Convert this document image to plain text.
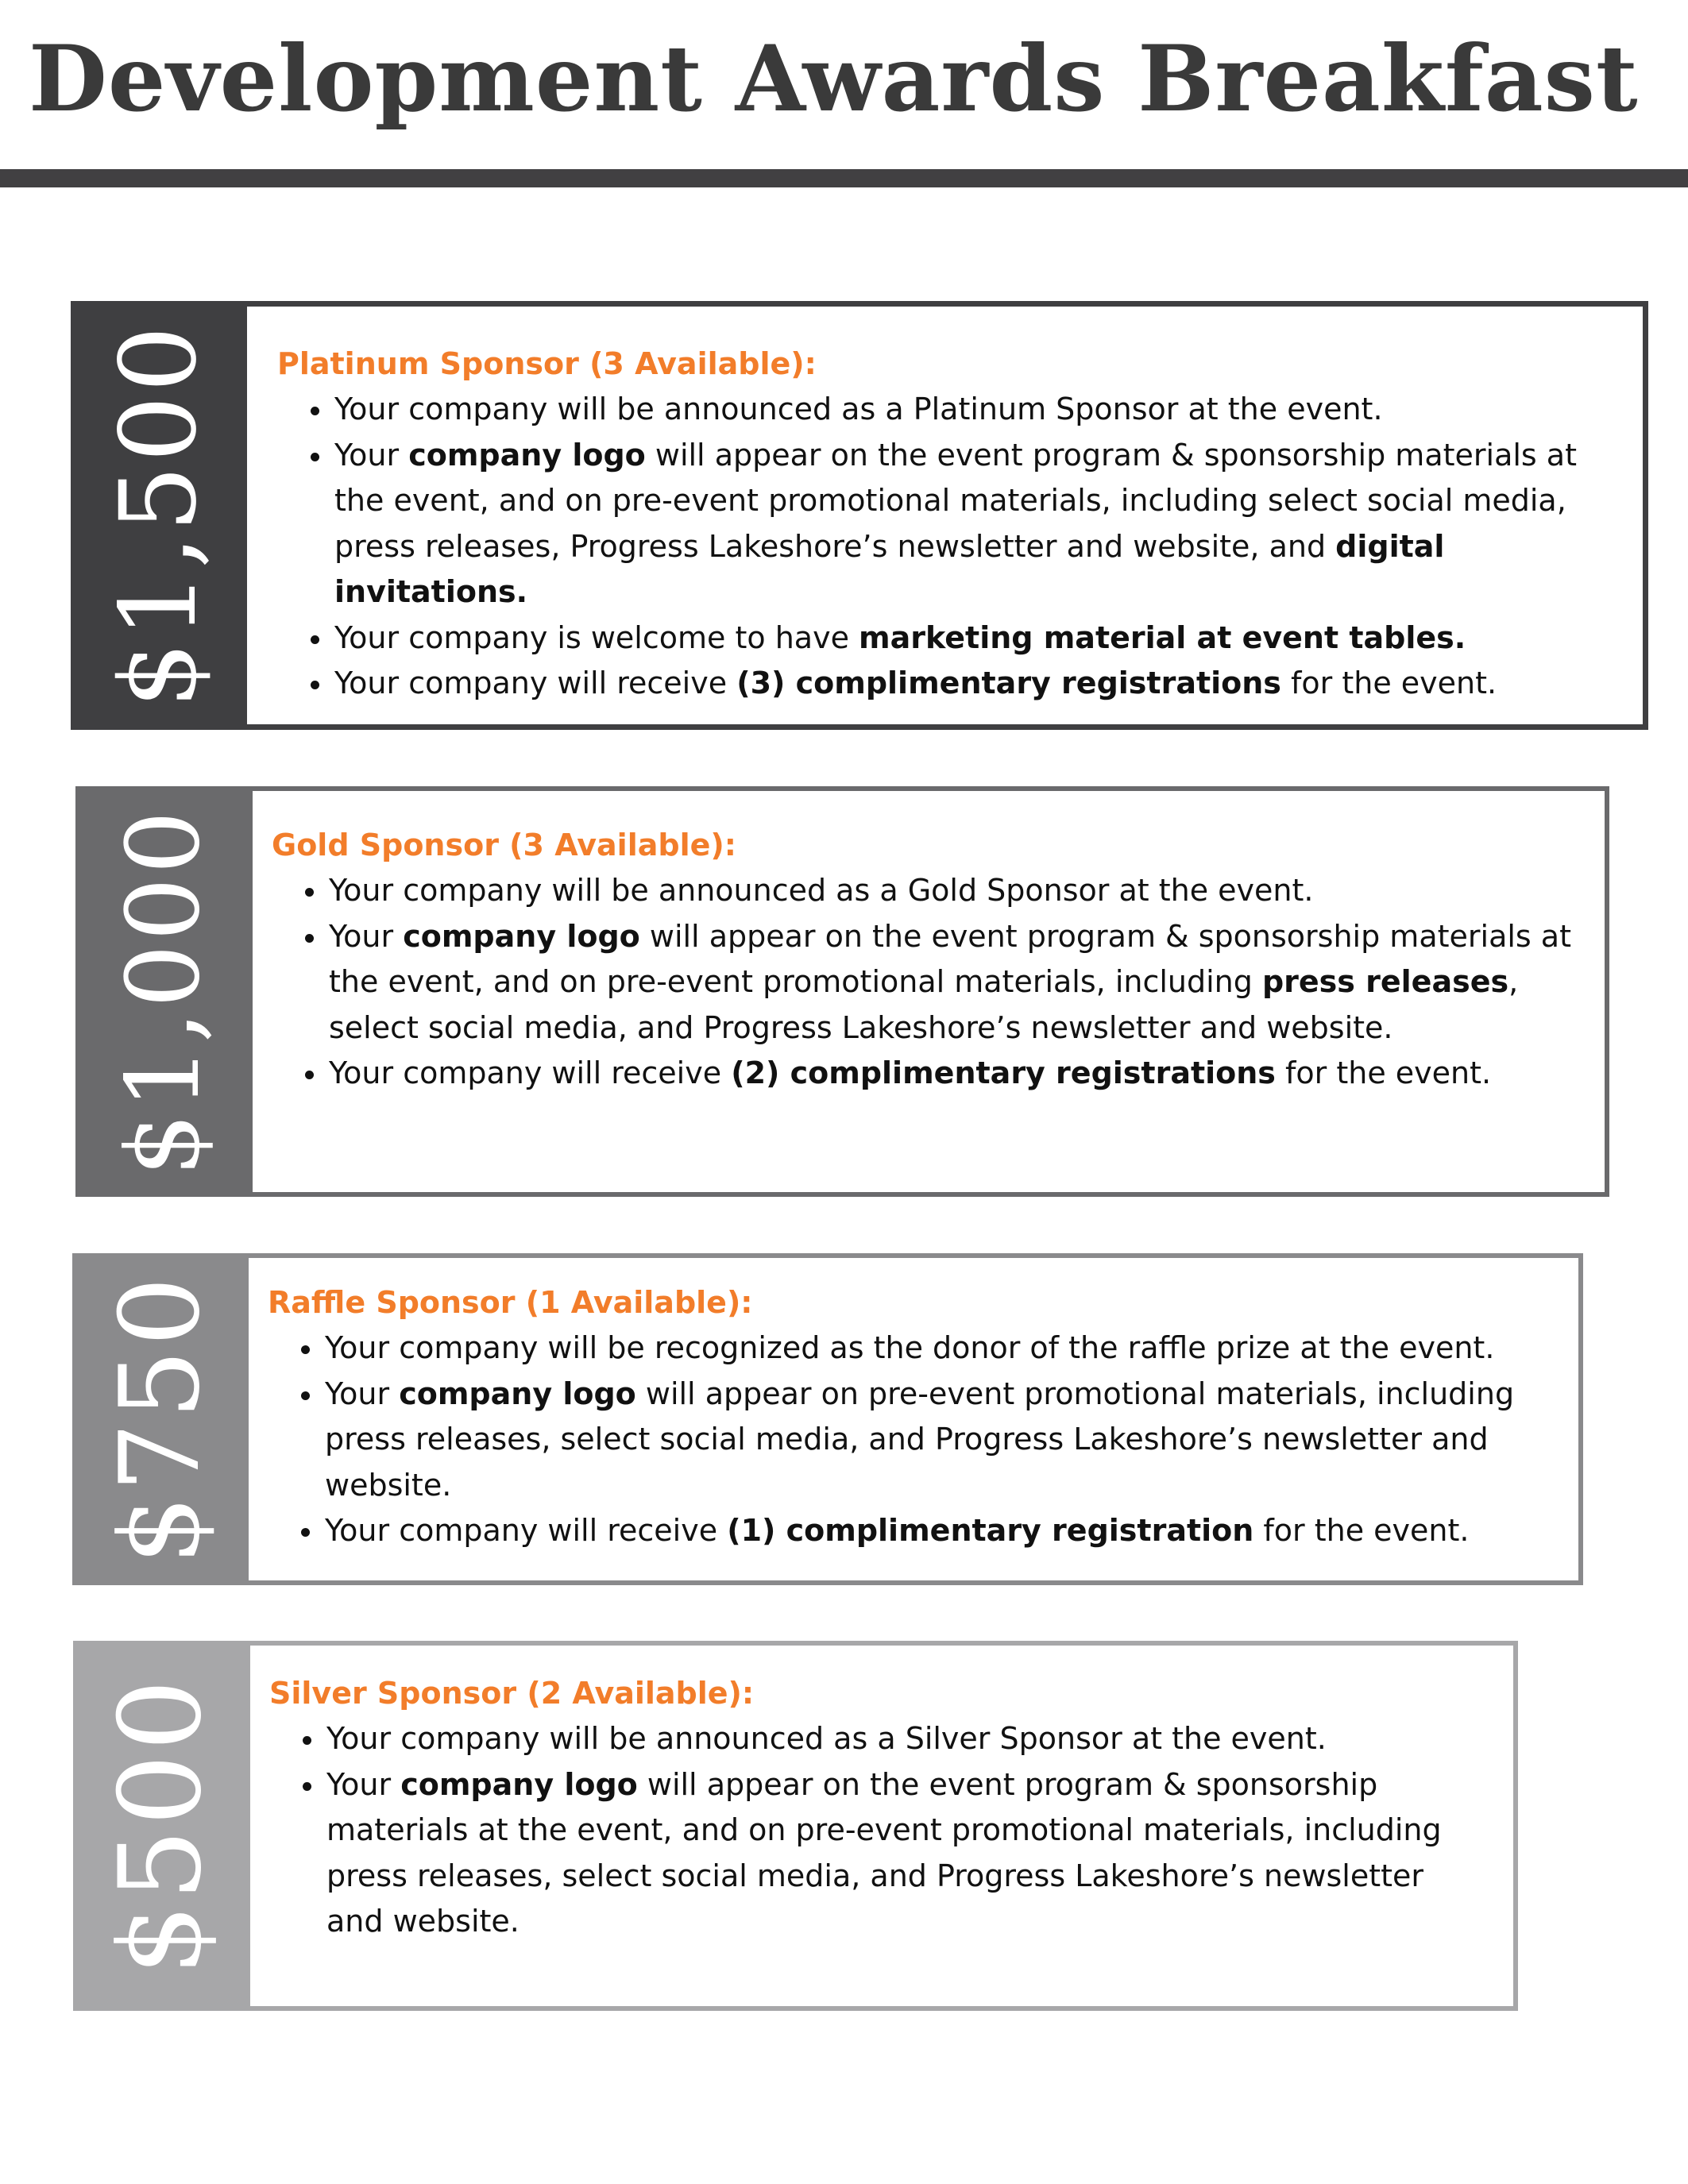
Development Awards Breakfast
$1,500 Platinum Sponsor (3 Available):
• Your company will be announced as a Platinum Sponsor at the event.
• Your company logo will appear on the event program & sponsorship materials at the event, and on pre-event promotional materials, including select social media, press releases, Progress Lakeshore’s newsletter and website, and digital invitations.
• Your company is welcome to have marketing material at event tables.
• Your company will receive (3) complimentary registrations for the event.
$1,000 Gold Sponsor (3 Available):
• Your company will be announced as a Gold Sponsor at the event.
• Your company logo will appear on the event program & sponsorship materials at the event, and on pre-event promotional materials, including press releases, select social media, and Progress Lakeshore’s newsletter and website.
• Your company will receive (2) complimentary registrations for the event.
$750 Raffle Sponsor (1 Available):
• Your company will be recognized as the donor of the raffle prize at the event.
• Your company logo will appear on pre-event promotional materials, including press releases, select social media, and Progress Lakeshore’s newsletter and website.
• Your company will receive (1) complimentary registration for the event.
$500 Silver Sponsor (2 Available):
• Your company will be announced as a Silver Sponsor at the event.
• Your company logo will appear on the event program & sponsorship materials at the event, and on pre-event promotional materials, including press releases, select social media, and Progress Lakeshore’s newsletter and website.
